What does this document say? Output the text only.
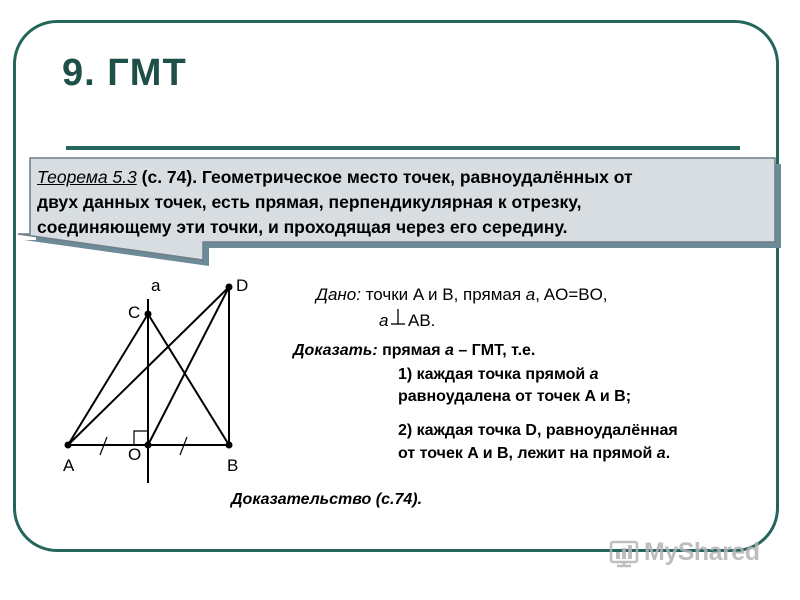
9. ГМТ
Теорема 5.3 (с. 74). Геометрическое место точек, равноудалённых от
двух данных точек, есть прямая, перпендикулярная к отрезку,
соединяющему эти точки, и проходящая через его середину.
a	D
C
A
O
B
Дано: точки A и B, прямая a, AO=BO,
a AB.
Доказать: прямая a – ГМТ, т.е.
1) каждая точка прямой a
равноудалена от точек A и B;
2) каждая точка D, равноудалённая
от точек A и B, лежит на прямой a.
Доказательство (с.74).
MyShared
